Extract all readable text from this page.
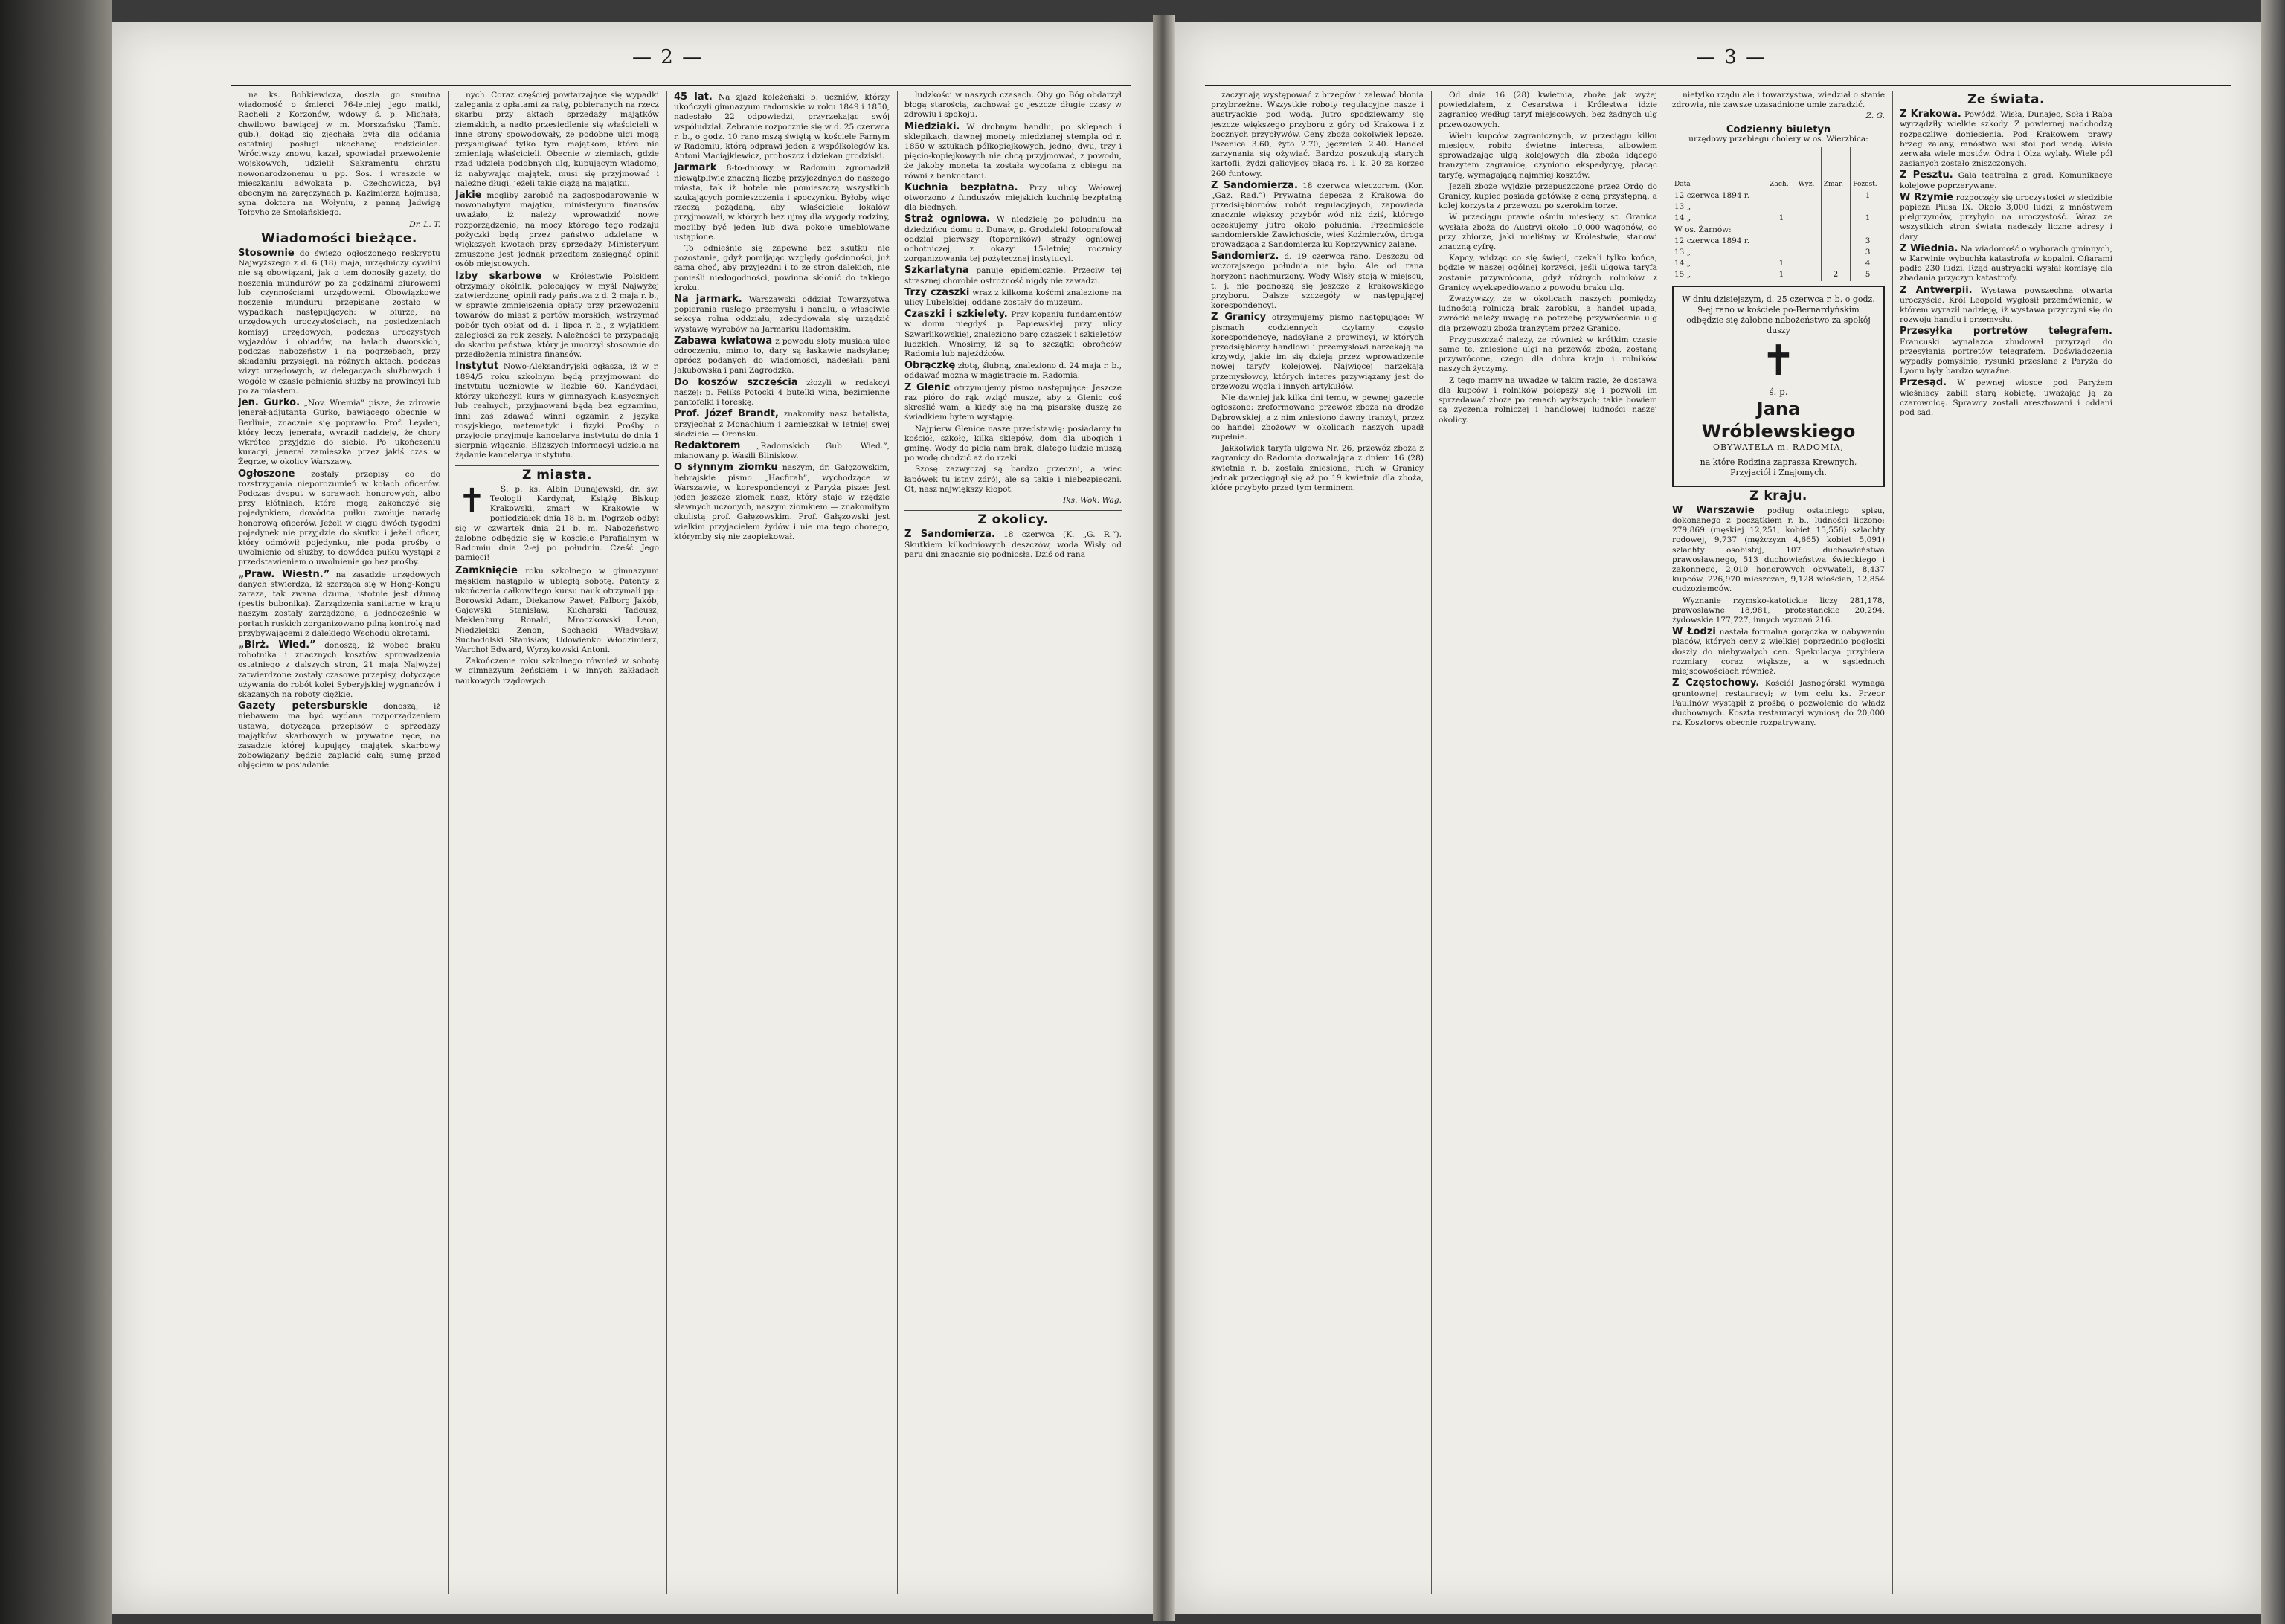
— 2 —

na ks. Bohkiewicza, doszła go smutna wiadomość o śmierci 76-letniej jego matki, Racheli z Korzonów, wdowy ś. p. Michała, chwilowo bawiącej w m. Morszańsku (Tamb. gub.), dokąd się zjechała była dla oddania ostatniej posługi ukochanej rodzicielce. Wróciwszy znowu, kazał, spowiadał przewożenie wojskowych, udzielił Sakramentu chrztu nowonarodzonemu u pp. Sos. i wreszcie w mieszkaniu adwokata p. Czechowicza, był obecnym na zaręczynach p. Kazimierza Łojmusa, syna doktora na Wołyniu, z panną Jadwigą Tołpyho ze Smolańskiego.

Dr. L. T.
Wiadomości bieżące.

Stosownie do świeżo ogłoszonego reskryptu Najwyższego z d. 6 (18) maja, urzędniczy cywilni nie są obowiązani, jak o tem donosiły gazety, do noszenia mundurów po za godzinami biurowemi lub czynnościami urzędowemi. Obowiązkowe noszenie munduru przepisane zostało w wypadkach następujących: w biurze, na urzędowych uroczystościach, na posiedzeniach komisyj urzędowych, podczas uroczystych wyjazdów i obiadów, na balach dworskich, podczas nabożeństw i na pogrzebach, przy składaniu przysięgi, na różnych aktach, podczas wizyt urzędowych, w delegacyach służbowych i wogóle w czasie pełnienia służby na prowincyi lub po za miastem.

Jen. Gurko. „Nov. Wremia” pisze, że zdrowie jenerał-adjutanta Gurko, bawiącego obecnie w Berlinie, znacznie się poprawiło. Prof. Leyden, który leczy jenerała, wyraził nadzieję, że chory wkrótce przyjdzie do siebie. Po ukończeniu kuracyi, jenerał zamieszka przez jakiś czas w Żegrze, w okolicy Warszawy.

Ogłoszone zostały przepisy co do rozstrzygania nieporozumień w kołach oficerów. Podczas dysput w sprawach honorowych, albo przy kłótniach, które mogą zakończyć się pojedynkiem, dowódca pułku zwołuje naradę honorową oficerów. Jeżeli w ciągu dwóch tygodni pojedynek nie przyjdzie do skutku i jeżeli oficer, który odmówił pojedynku, nie poda prośby o uwolnienie od służby, to dowódca pułku wystąpi z przedstawieniem o uwolnienie go bez prośby.

„Praw. Wiestn.” na zasadzie urzędowych danych stwierdza, iż szerząca się w Hong-Kongu zaraza, tak zwana dżuma, istotnie jest dżumą (pestis bubonika). Zarządzenia sanitarne w kraju naszym zostały zarządzone, a jednocześnie w portach ruskich zorganizowano pilną kontrolę nad przybywającemi z dalekiego Wschodu okrętami.

„Birż. Wied.” donoszą, iż wobec braku robotnika i znacznych kosztów sprowadzenia ostatniego z dalszych stron, 21 maja Najwyżej zatwierdzone zostały czasowe przepisy, dotyczące używania do robót kolei Syberyjskiej wygnańców i skazanych na roboty ciężkie.

Gazety petersburskie donoszą, iż niebawem ma być wydana rozporządzeniem ustawa, dotycząca przepisów o sprzedaży majątków skarbowych w prywatne ręce, na zasadzie której kupujący majątek skarbowy zobowiązany będzie zapłacić całą sumę przed objęciem w posiadanie.

nych. Coraz częściej powtarzające się wypadki zalegania z opłatami za ratę, pobieranych na rzecz skarbu przy aktach sprzedaży majątków ziemskich, a nadto przesiedlenie się właścicieli w inne strony spowodowały, że podobne ulgi mogą przysługiwać tylko tym majątkom, które nie zmieniają właścicieli. Obecnie w ziemiach, gdzie rząd udziela podobnych ulg, kupującym wiadomo, iż nabywając majątek, musi się przyjmować i należne długi, jeżeli takie ciążą na majątku.

Jakie mogliby zarobić na zagospodarowanie w nowonabytym majątku, ministeryum finansów uważało, iż należy wprowadzić nowe rozporządzenie, na mocy którego tego rodzaju pożyczki będą przez państwo udzielane w większych kwotach przy sprzedaży. Ministeryum zmuszone jest jednak przedtem zasięgnąć opinii osób miejscowych.

Izby skarbowe w Królestwie Polskiem otrzymały okólnik, polecający w myśl Najwyżej zatwierdzonej opinii rady państwa z d. 2 maja r. b., w sprawie zmniejszenia opłaty przy przewożeniu towarów do miast z portów morskich, wstrzymać pobór tych opłat od d. 1 lipca r. b., z wyjątkiem zaległości za rok zeszły. Należności te przypadają do skarbu państwa, który je umorzył stosownie do przedłożenia ministra finansów.

Instytut Nowo-Aleksandryjski ogłasza, iż w r. 1894/5 roku szkolnym będą przyjmowani do instytutu uczniowie w liczbie 60. Kandydaci, którzy ukończyli kurs w gimnazyach klasycznych lub realnych, przyjmowani będą bez egzaminu, inni zaś zdawać winni egzamin z języka rosyjskiego, matematyki i fizyki. Prośby o przyjęcie przyjmuje kancelarya instytutu do dnia 1 sierpnia włącznie. Bliższych informacyi udziela na żądanie kancelarya instytutu.

Z miasta.
✝	Ś. p. ks. Albin Dunajewski, dr. św. Teologii Kardynał, Książę Biskup Krakowski, zmarł w Krakowie w poniedziałek dnia 18 b. m. Pogrzeb odbył się w czwartek dnia 21 b. m. Nabożeństwo żałobne odbędzie się w kościele Parafialnym w Radomiu dnia 2-ej po południu. Cześć Jego pamięci!

Zamknięcie roku szkolnego w gimnazyum męskiem nastąpiło w ubiegłą sobotę. Patenty z ukończenia całkowitego kursu nauk otrzymali pp.: Borowski Adam, Diekanow Paweł, Falborg Jakób, Gajewski Stanisław, Kucharski Tadeusz, Meklenburg Ronald, Mroczkowski Leon, Niedzielski Zenon, Sochacki Władysław, Suchodolski Stanisław, Udowienko Włodzimierz, Warchoł Edward, Wyrzykowski Antoni.

Zakończenie roku szkolnego również w sobotę w gimnazyum żeńskiem i w innych zakładach naukowych rządowych.

45 lat. Na zjazd koleżeński b. uczniów, którzy ukończyli gimnazyum radomskie w roku 1849 i 1850, nadesłało 22 odpowiedzi, przyrzekając swój współudział. Zebranie rozpocznie się w d. 25 czerwca r. b., o godz. 10 rano mszą świętą w kościele Farnym w Radomiu, którą odprawi jeden z współkolegów ks. Antoni Maciąjkiewicz, proboszcz i dziekan grodziski.

Jarmark 8-to-dniowy w Radomiu zgromadził niewątpliwie znaczną liczbę przyjezdnych do naszego miasta, tak iż hotele nie pomieszczą wszystkich szukających pomieszczenia i spoczynku. Byłoby więc rzeczą pożądaną, aby właściciele lokalów przyjmowali, w których bez ujmy dla wygody rodziny, mogliby być jeden lub dwa pokoje umeblowane ustąpione.

To odnieśnie się zapewne bez skutku nie pozostanie, gdyż pomijając względy gościnności, już sama chęć, aby przyjezdni i to ze stron dalekich, nie ponieśli niedogodności, powinna skłonić do takiego kroku.

Na jarmark. Warszawski oddział Towarzystwa popierania rusłego przemysłu i handlu, a właściwie sekcya rolna oddziału, zdecydowała się urządzić wystawę wyrobów na Jarmarku Radomskim.

Zabawa kwiatowa z powodu słoty musiała ulec odroczeniu, mimo to, dary są łaskawie nadsyłane; oprócz podanych do wiadomości, nadesłali: pani Jakubowska i pani Zagrodzka.

Do koszów szczęścia złożyli w redakcyi naszej: p. Feliks Potocki 4 butelki wina, bezimienne pantofelki i toreskę.

Prof. Józef Brandt, znakomity nasz batalista, przyjechał z Monachium i zamieszkał w letniej swej siedzibie — Orońsku.

Redaktorem „Radomskich Gub. Wied.”, mianowany p. Wasili Bliniskow.

O słynnym ziomku naszym, dr. Gałęzowskim, hebrajskie pismo „Hacfirah”, wychodzące w Warszawie, w korespondencyi z Paryża pisze: Jest jeden jeszcze ziomek nasz, który staje w rzędzie sławnych uczonych, naszym ziomkiem — znakomitym okulistą prof. Gałęzowskim. Prof. Gałęzowski jest wielkim przyjacielem żydów i nie ma tego chorego, którymby się nie zaopiekował.

ludzkości w naszych czasach. Oby go Bóg obdarzył błogą starością, zachował go jeszcze długie czasy w zdrowiu i spokoju.

Miedziaki. W drobnym handlu, po sklepach i sklepikach, dawnej monety miedzianej stempla od r. 1850 w sztukach półkopiejkowych, jedno, dwu, trzy i pięcio-kopiejkowych nie chcą przyjmować, z powodu, że jakoby moneta ta została wycofana z obiegu na równi z banknotami.

Kuchnia bezpłatna. Przy ulicy Wałowej otworzono z funduszów miejskich kuchnię bezpłatną dla biednych.

Straż ogniowa. W niedzielę po południu na dziedzińcu domu p. Dunaw, p. Grodzieki fotografował oddział pierwszy (toporników) straży ogniowej ochotniczej, z okazyi 15-letniej rocznicy zorganizowania tej pożytecznej instytucyi.

Szkarlatyna panuje epidemicznie. Przeciw tej strasznej chorobie ostrożność nigdy nie zawadzi.

Trzy czaszki wraz z kilkoma kośćmi znalezione na ulicy Lubelskiej, oddane zostały do muzeum.

Czaszki i szkielety. Przy kopaniu fundamentów w domu niegdyś p. Papiewskiej przy ulicy Szwarlikowskiej, znaleziono parę czaszek i szkieletów ludzkich. Wnosimy, iż są to szczątki obrońców Radomia lub najeźdźców.

Obrączkę złotą, ślubną, znaleziono d. 24 maja r. b., oddawać można w magistracie m. Radomia.

Z Glenic otrzymujemy pismo następujące: Jeszcze raz pióro do rąk wziąć musze, aby z Glenic coś skreślić wam, a kiedy się na mą pisarskę duszę ze świadkiem bytem wystąpię.

Najpierw Glenice nasze przedstawię: posiadamy tu kościół, szkołę, kilka sklepów, dom dla ubogich i gminę. Wody do picia nam brak, dlatego ludzie muszą po wodę chodzić aż do rzeki.

Szosę zazwyczaj są bardzo grzeczni, a wiec łapówek tu istny zdrój, ale są takie i niebezpieczni. Ot, nasz największy kłopot.

Iks. Wok. Wag.
Z okolicy.

Z Sandomierza. 18 czerwca (K. „G. R.”). Skutkiem kilkodniowych deszczów, woda Wisły od paru dni znacznie się podniosła. Dziś od rana

— 3 —

zaczynają występować z brzegów i zalewać błonia przybrzeżne. Wszystkie roboty regulacyjne nasze i austryackie pod wodą. Jutro spodziewamy się jeszcze większego przyboru z góry od Krakowa i z bocznych przypływów. Ceny zboża cokolwiek lepsze. Pszenica 3.60, żyto 2.70, jęczmień 2.40. Handel zarzynania się ożywiać. Bardzo poszukują starych kartofli, żydzi galicyjscy płacą rs. 1 k. 20 za korzec 260 funtowy.

Z Sandomierza. 18 czerwca wieczorem. (Kor. „Gaz. Rad.”) Prywatna depesza z Krakowa do przedsiębiorców robót regulacyjnych, zapowiada znacznie większy przybór wód niż dziś, którego oczekujemy jutro około południa. Przedmieście sandomierskie Zawichoście, wieś Koźmierzów, droga prowadząca z Sandomierza ku Koprzywnicy zalane.

Sandomierz. d. 19 czerwca rano. Deszczu od wczorajszego południa nie było. Ale od rana horyzont nachmurzony. Wody Wisły stoją w miejscu, t. j. nie podnoszą się jeszcze z krakowskiego przyboru. Dalsze szczegóły w następującej korespondencyi.

Z Granicy otrzymujemy pismo następujące: W pismach codziennych czytamy często korespondencye, nadsyłane z prowincyi, w których przedsiębiorcy handlowi i przemysłowi narzekają na krzywdy, jakie im się dzieją przez wprowadzenie nowej taryfy kolejowej. Najwięcej narzekają przemysłowcy, których interes przywiązany jest do przewozu węgla i innych artykułów.

Nie dawniej jak kilka dni temu, w pewnej gazecie ogłoszono: zreformowano przewóz zboża na drodze Dąbrowskiej, a z nim zniesiono dawny tranzyt, przez co handel zbożowy w okolicach naszych upadł zupełnie.

Jakkolwiek taryfa ulgowa Nr. 26, przewóz zboża z zagranicy do Radomia dozwalająca z dniem 16 (28) kwietnia r. b. została zniesiona, ruch w Granicy jednak przeciągnął się aż po 19 kwietnia dla zboża, które przybyło przed tym terminem.

Od dnia 16 (28) kwietnia, zboże jak wyżej powiedziałem, z Cesarstwa i Królestwa idzie zagranicę według taryf miejscowych, bez żadnych ulg przewozowych.

Wielu kupców zagranicznych, w przeciągu kilku miesięcy, robiło świetne interesa, albowiem sprowadzając ulgą kolejowych dla zboża idącego tranzytem zagranicę, czyniono ekspedycyę, płacąc taryfę, wymagającą najmniej kosztów.

Jeżeli zboże wyjdzie przepuszczone przez Ordę do Granicy, kupiec posiada gotówkę z ceną przystępną, a kolej korzysta z przewozu po szerokim torze.

W przeciągu prawie ośmiu miesięcy, st. Granica wysłała zboża do Austryi około 10,000 wagonów, co przy zbiorze, jaki mieliśmy w Królestwie, stanowi znaczną cyfrę.

Kapcy, widząc co się święci, czekali tylko końca, będzie w naszej ogólnej korzyści, jeśli ulgowa taryfa zostanie przywrócona, gdyż różnych rolników z Granicy wyekspediowano z powodu braku ulg.

Zważywszy, że w okolicach naszych pomiędzy ludnością rolniczą brak zarobku, a handel upada, zwrócić należy uwagę na potrzebę przywrócenia ulg dla przewozu zboża tranzytem przez Granicę.

Przypuszczać należy, że również w krótkim czasie same te, zniesione ulgi na przewóz zboża, zostaną przywrócone, czego dla dobra kraju i rolników naszych życzymy.

Z tego mamy na uwadze w takim razie, że dostawa dla kupców i rolników polepszy się i pozwoli im sprzedawać zboże po cenach wyższych; takie bowiem są życzenia rolniczej i handlowej ludności naszej okolicy.

nietylko rządu ale i towarzystwa, wiedział o stanie zdrowia, nie zawsze uzasadnione umie zaradzić.

Z. G.
Codzienny biuletyn
urzędowy przebiegu cholery w os. Wierzbica:
Data	Zach.	Wyz.	Zmar.	Pozost.
12 czerwca 1894 r.				1
13 „				
14 „	1			1
W os. Żarnów:				
12 czerwca 1894 r.				3
13 „				3
14 „	1			4
15 „	1		2	5
W dniu dzisiejszym, d. 25 czerwca r. b. o godz. 9-ej rano w kościele po-Bernardyńskim odbędzie się żałobne nabożeństwo za spokój duszy
✝
ś. p.
Jana Wróblewskiego
OBYWATELA m. RADOMIA,
na które Rodzina zaprasza Krewnych, Przyjaciół i Znajomych.
Z kraju.

W Warszawie podług ostatniego spisu, dokonanego z początkiem r. b., ludności liczono: 279,869 (męskiej 12,251, kobiet 15,558) szlachty rodowej, 9,737 (mężczyzn 4,665) kobiet 5,091) szlachty osobistej, 107 duchowieństwa prawosławnego, 513 duchowieństwa świeckiego i zakonnego, 2,010 honorowych obywateli, 8,437 kupców, 226,970 mieszczan, 9,128 włościan, 12,854 cudzoziemców.

Wyznanie rzymsko-katolickie liczy 281,178, prawosławne 18,981, protestanckie 20,294, żydowskie 177,727, innych wyznań 216.

W Łodzi nastała formalna gorączka w nabywaniu placów, których ceny z wielkiej poprzednio pogłoski doszły do niebywałych cen. Spekulacya przybiera rozmiary coraz większe, a w sąsiednich miejscowościach również.

Z Częstochowy. Kościół Jasnogórski wymaga gruntownej restauracyi; w tym celu ks. Przeor Paulinów wystąpił z prośbą o pozwolenie do władz duchownych. Koszta restauracyi wyniosą do 20,000 rs. Kosztorys obecnie rozpatrywany.

Ze świata.

Z Krakowa. Powódź. Wisła, Dunajec, Soła i Raba wyrządziły wielkie szkody. Z powiernej nadchodzą rozpaczliwe doniesienia. Pod Krakowem prawy brzeg zalany, mnóstwo wsi stoi pod wodą. Wisła zerwała wiele mostów. Odra i Olza wylały. Wiele pól zasianych zostało zniszczonych.

Z Pesztu. Gala teatralna z grad. Komunikacye kolejowe poprzerywane.

W Rzymie rozpoczęły się uroczystości w siedzibie papieża Piusa IX. Około 3,000 ludzi, z mnóstwem pielgrzymów, przybyło na uroczystość. Wraz ze wszystkich stron świata nadeszły liczne adresy i dary.

Z Wiednia. Na wiadomość o wyborach gminnych, w Karwinie wybuchła katastrofa w kopalni. Ofiarami padło 230 ludzi. Rząd austryacki wysłał komisyę dla zbadania przyczyn katastrofy.

Z Antwerpii. Wystawa powszechna otwarta uroczyście. Król Leopold wygłosił przemówienie, w którem wyraził nadzieję, iż wystawa przyczyni się do rozwoju handlu i przemysłu.

Przesyłka portretów telegrafem. Francuski wynalazca zbudował przyrząd do przesyłania portretów telegrafem. Doświadczenia wypadły pomyślnie, rysunki przesłane z Paryża do Lyonu były bardzo wyraźne.

Przesąd. W pewnej wiosce pod Paryżem wieśniacy zabili starą kobietę, uważając ją za czarownicę. Sprawcy zostali aresztowani i oddani pod sąd.
